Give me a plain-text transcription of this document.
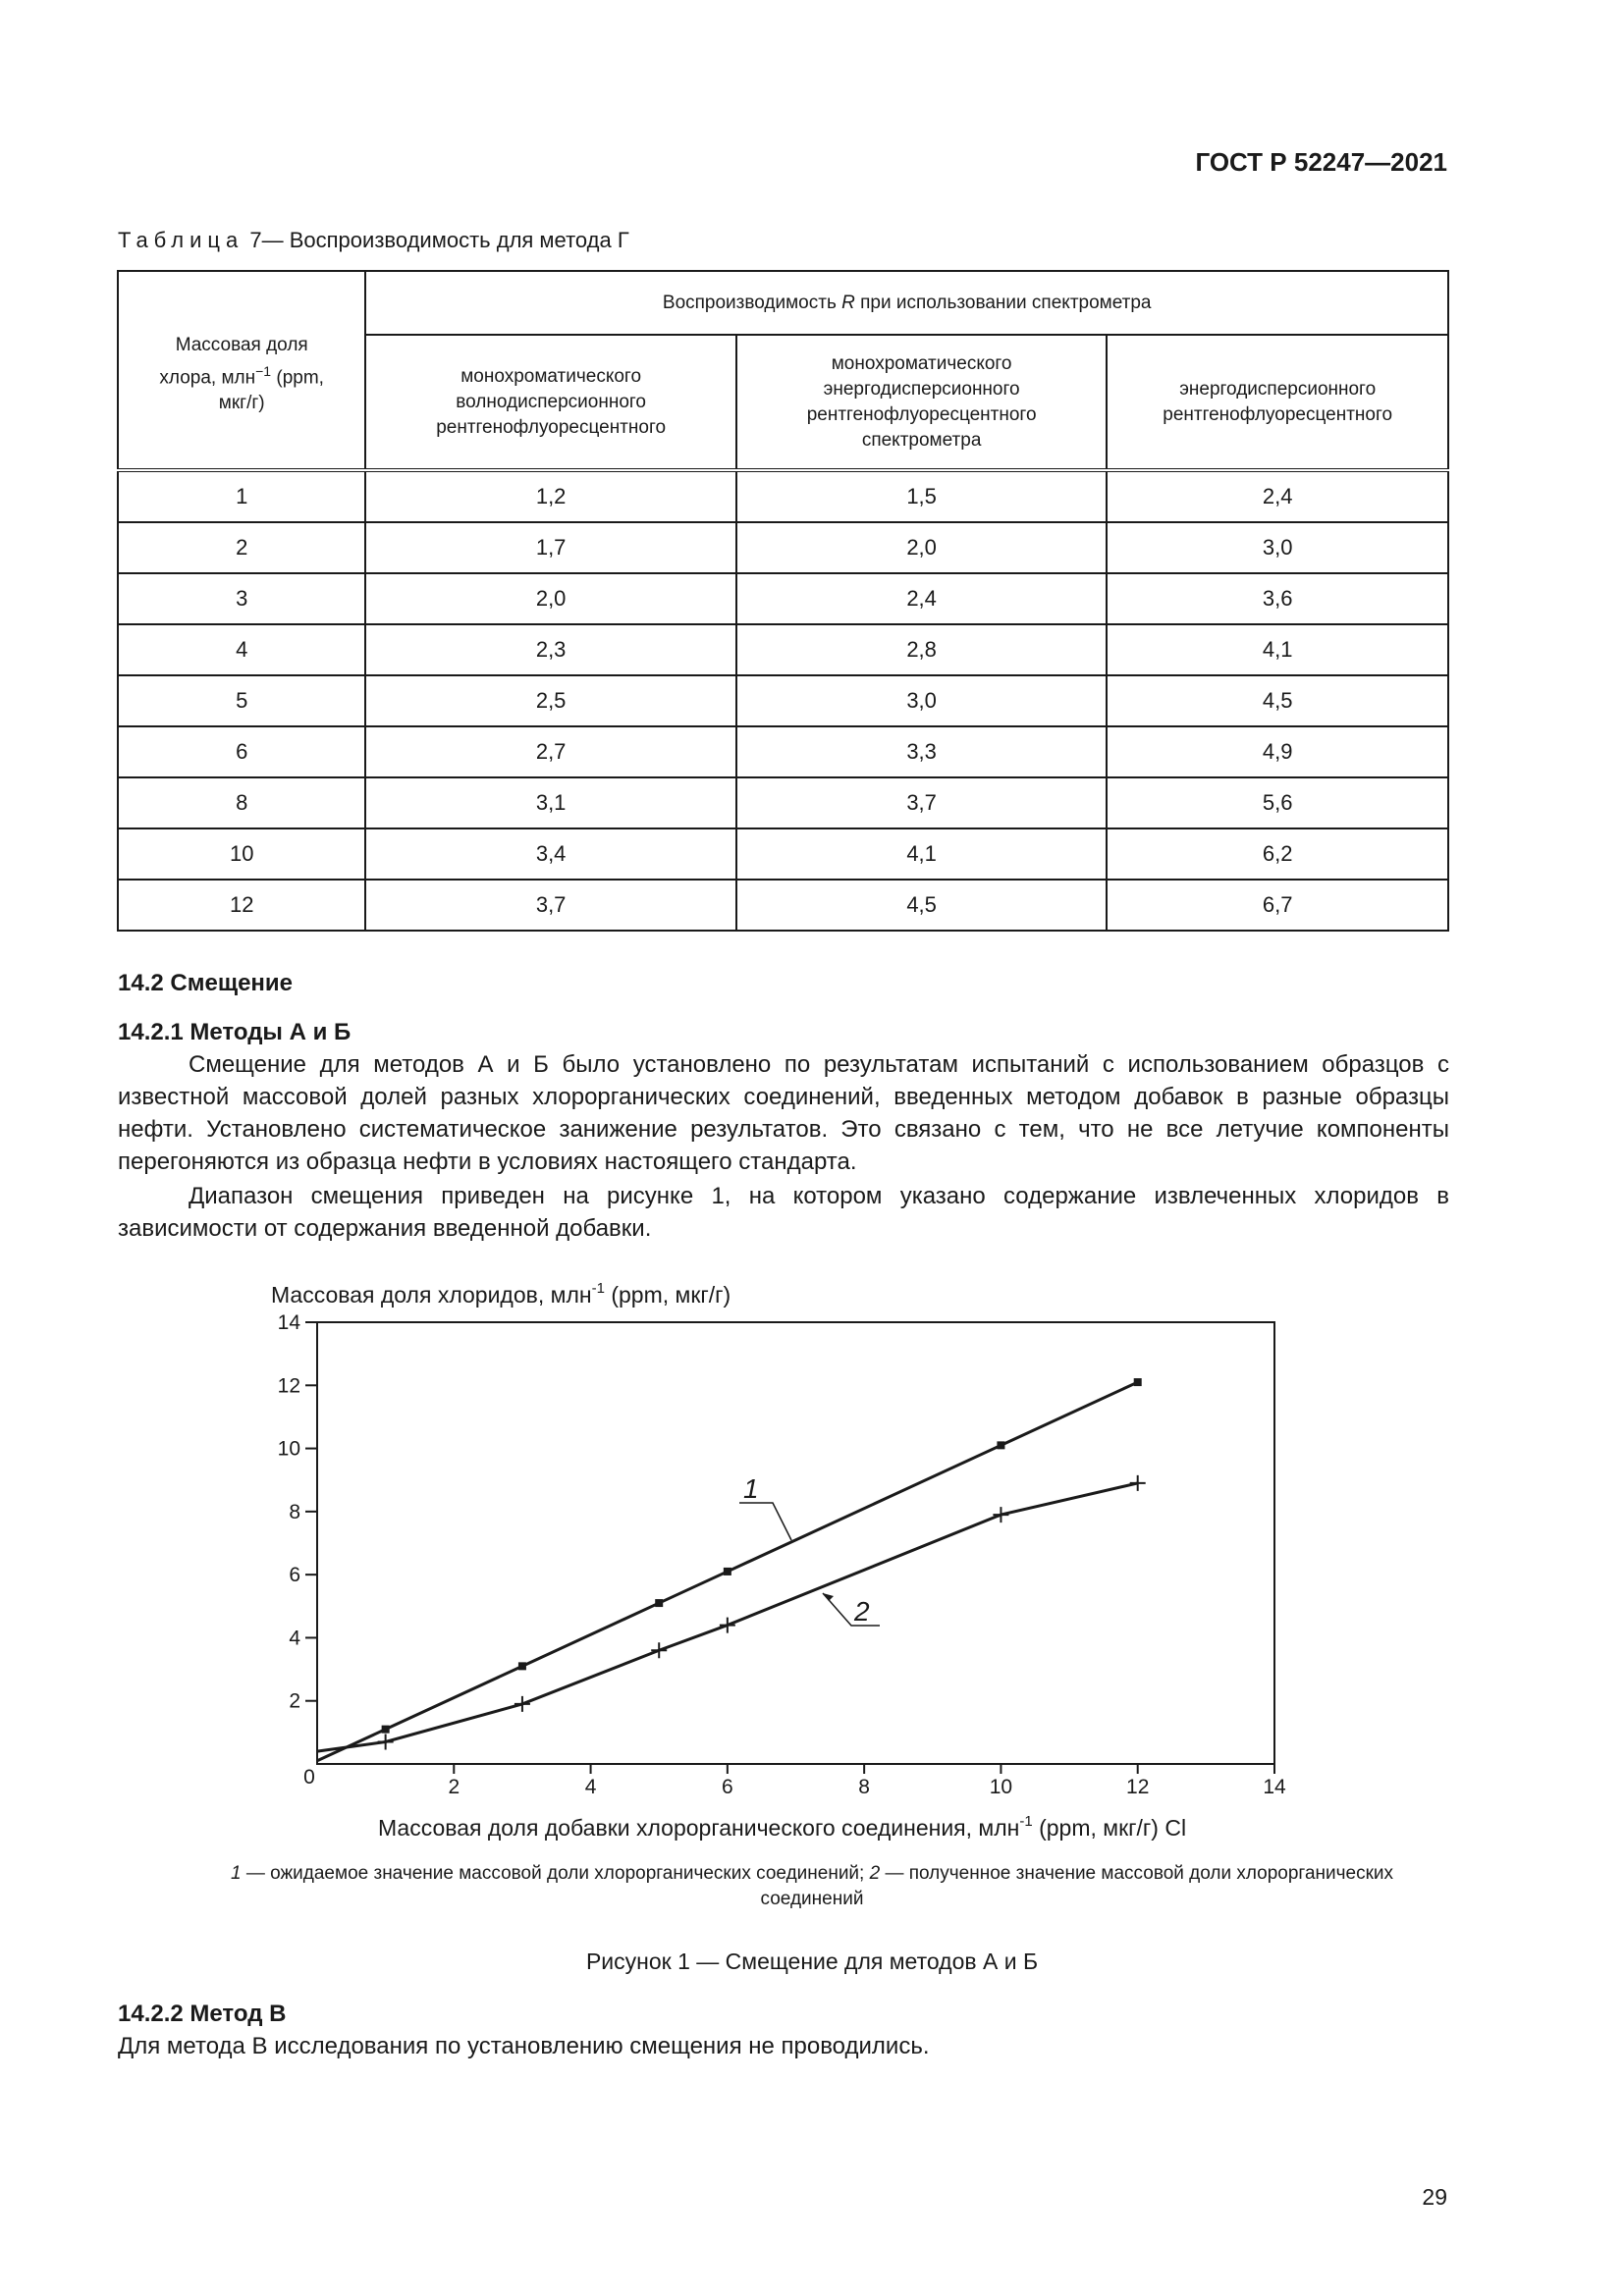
ГОСТ Р 52247—2021
Таблица 7— Воспроизводимость для метода Г
Массовая доля
хлора, млн$^{-1}$ (ppm,
мкг/г)	Воспроизводимость R при использовании спектрометра		
	монохроматического волнодисперсионного рентгенофлуоресцентного	монохроматического энергодисперсионного рентгенофлуоресцентного спектрометра	энергодисперсионного рентгенофлуоресцентного
1	1,2	1,5	2,4
2	1,7	2,0	3,0
3	2,0	2,4	3,6
4	2,3	2,8	4,1
5	2,5	3,0	4,5
6	2,7	3,3	4,9
8	3,1	3,7	5,6
10	3,4	4,1	6,2
12	3,7	4,5	6,7
14.2 Смещение
14.2.1 Методы А и Б
Смещение для методов А и Б было установлено по результатам испытаний с использованием образцов с известной массовой долей разных хлорорганических соединений, введенных методом добавок в разные образцы нефти. Установлено систематическое занижение результатов. Это связано с тем, что не все летучие компоненты перегоняются из образца нефти в условиях настоящего стандарта.
Диапазон смещения приведен на рисунке 1, на котором указано содержание извлеченных хлоридов в зависимости от содержания введенной добавки.
2
4
6
8
10
12
14
2	4	6	8	10	12	14
0
Массовая доля хлоридов, млн$^{-1}$ (ppm, мкг/г)
Массовая доля добавки хлорорганического соединения, млн$^{-1}$ (ppm, мкг/г) Cl
1
2
1 — ожидаемое значение массовой доли хлорорганических соединений; 2 — полученное значение массовой доли хлорорганических соединений
Рисунок 1 — Смещение для методов А и Б
14.2.2 Метод В
Для метода В исследования по установлению смещения не проводились.
29
